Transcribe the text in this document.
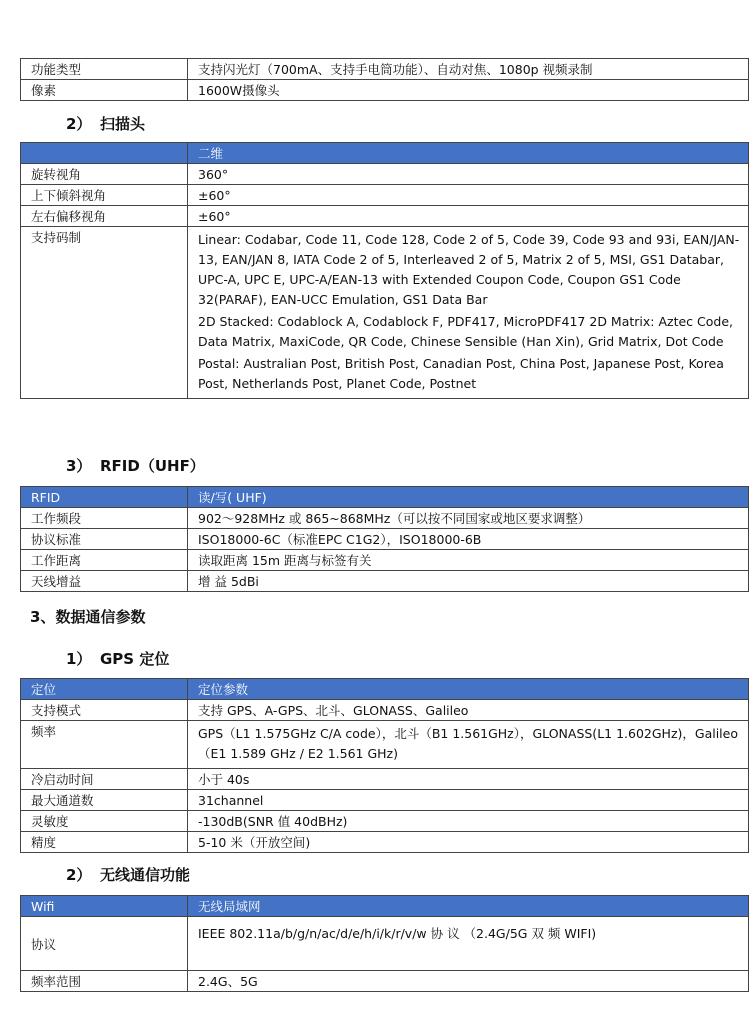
功能类型	支持闪光灯（700mA、支持手电筒功能）、自动对焦、1080p 视频录制
像素	1600W摄像头
2） 扫描头
	二维
旋转视角	360°
上下倾斜视角	±60°
左右偏移视角	±60°
支持码制	Linear: Codabar, Code 11, Code 128, Code 2 of 5, Code 39, Code 93 and 93i, EAN/JAN-13, EAN/JAN 8, IATA Code 2 of 5, Interleaved 2 of 5, Matrix 2 of 5, MSI, GS1 Databar, UPC-A, UPC E, UPC-A/EAN-13 with Extended Coupon Code, Coupon GS1 Code 32(PARAF), EAN-UCC Emulation, GS1 Data Bar

2D Stacked: Codablock A, Codablock F, PDF417, MicroPDF417 2D Matrix: Aztec Code, Data Matrix, MaxiCode, QR Code, Chinese Sensible (Han Xin), Grid Matrix, Dot Code

Postal: Australian Post, British Post, Canadian Post, China Post, Japanese Post, Korea Post, Netherlands Post, Planet Code, Postnet

3） RFID（UHF）
RFID	读/写( UHF)
工作频段	902～928MHz 或 865~868MHz（可以按不同国家或地区要求调整）
协议标准	ISO18000-6C（标准EPC C1G2），ISO18000-6B
工作距离	读取距离 15m 距离与标签有关
天线增益	增 益 5dBi
3、数据通信参数
1） GPS 定位
定位	定位参数
支持模式	支持 GPS、A-GPS、北斗、GLONASS、Galileo
频率	GPS（L1 1.575GHz C/A code），北斗（B1 1.561GHz），GLONASS(L1 1.602GHz)，Galileo（E1 1.589 GHz / E2 1.561 GHz)
冷启动时间	小于 40s
最大通道数	31channel
灵敏度	-130dB(SNR 值 40dBHz)
精度	5-10 米（开放空间)
2） 无线通信功能
Wifi	无线局域网
协议	IEEE 802.11a/b/g/n/ac/d/e/h/i/k/r/v/w 协 议 （2.4G/5G 双 频 WIFI)
频率范围	2.4G、5G
